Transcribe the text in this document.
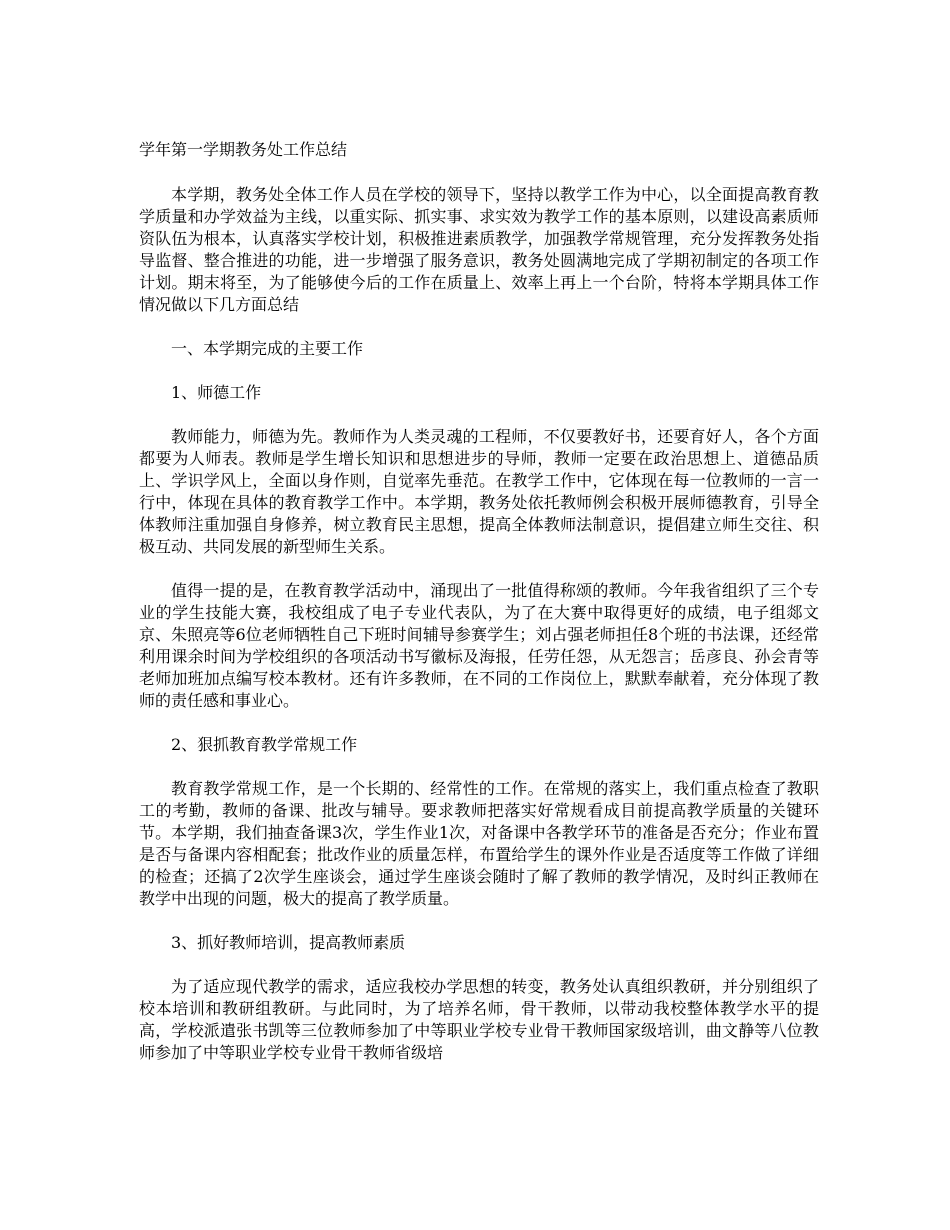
学年第一学期教务处工作总结

本学期，教务处全体工作人员在学校的领导下，坚持以教学工作为中心，以全面提高教育教学质量和办学效益为主线，以重实际、抓实事、求实效为教学工作的基本原则，以建设高素质师资队伍为根本，认真落实学校计划，积极推进素质教学，加强教学常规管理，充分发挥教务处指导监督、整合推进的功能，进一步增强了服务意识，教务处圆满地完成了学期初制定的各项工作计划。期末将至，为了能够使今后的工作在质量上、效率上再上一个台阶，特将本学期具体工作情况做以下几方面总结

一、本学期完成的主要工作

1、师德工作

教师能力，师德为先。教师作为人类灵魂的工程师，不仅要教好书，还要育好人，各个方面都要为人师表。教师是学生增长知识和思想进步的导师，教师一定要在政治思想上、道德品质上、学识学风上，全面以身作则，自觉率先垂范。在教学工作中，它体现在每一位教师的一言一行中，体现在具体的教育教学工作中。本学期，教务处依托教师例会积极开展师德教育，引导全体教师注重加强自身修养，树立教育民主思想，提高全体教师法制意识，提倡建立师生交往、积极互动、共同发展的新型师生关系。

值得一提的是，在教育教学活动中，涌现出了一批值得称颂的教师。今年我省组织了三个专业的学生技能大赛，我校组成了电子专业代表队，为了在大赛中取得更好的成绩，电子组郯文京、朱照亮等6位老师牺牲自己下班时间辅导参赛学生；刘占强老师担任8个班的书法课，还经常利用课余时间为学校组织的各项活动书写徽标及海报，任劳任怨，从无怨言；岳彦良、孙会青等老师加班加点编写校本教材。还有许多教师，在不同的工作岗位上，默默奉献着，充分体现了教师的责任感和事业心。

2、狠抓教育教学常规工作

教育教学常规工作，是一个长期的、经常性的工作。在常规的落实上，我们重点检查了教职工的考勤，教师的备课、批改与辅导。要求教师把落实好常规看成目前提高教学质量的关键环节。本学期，我们抽查备课3次，学生作业1次，对备课中各教学环节的准备是否充分；作业布置是否与备课内容相配套；批改作业的质量怎样，布置给学生的课外作业是否适度等工作做了详细的检查；还搞了2次学生座谈会，通过学生座谈会随时了解了教师的教学情况，及时纠正教师在教学中出现的问题，极大的提高了教学质量。

3、抓好教师培训，提高教师素质

为了适应现代教学的需求，适应我校办学思想的转变，教务处认真组织教研，并分别组织了校本培训和教研组教研。与此同时，为了培养名师，骨干教师，以带动我校整体教学水平的提高，学校派遣张书凯等三位教师参加了中等职业学校专业骨干教师国家级培训，曲文静等八位教师参加了中等职业学校专业骨干教师省级培
